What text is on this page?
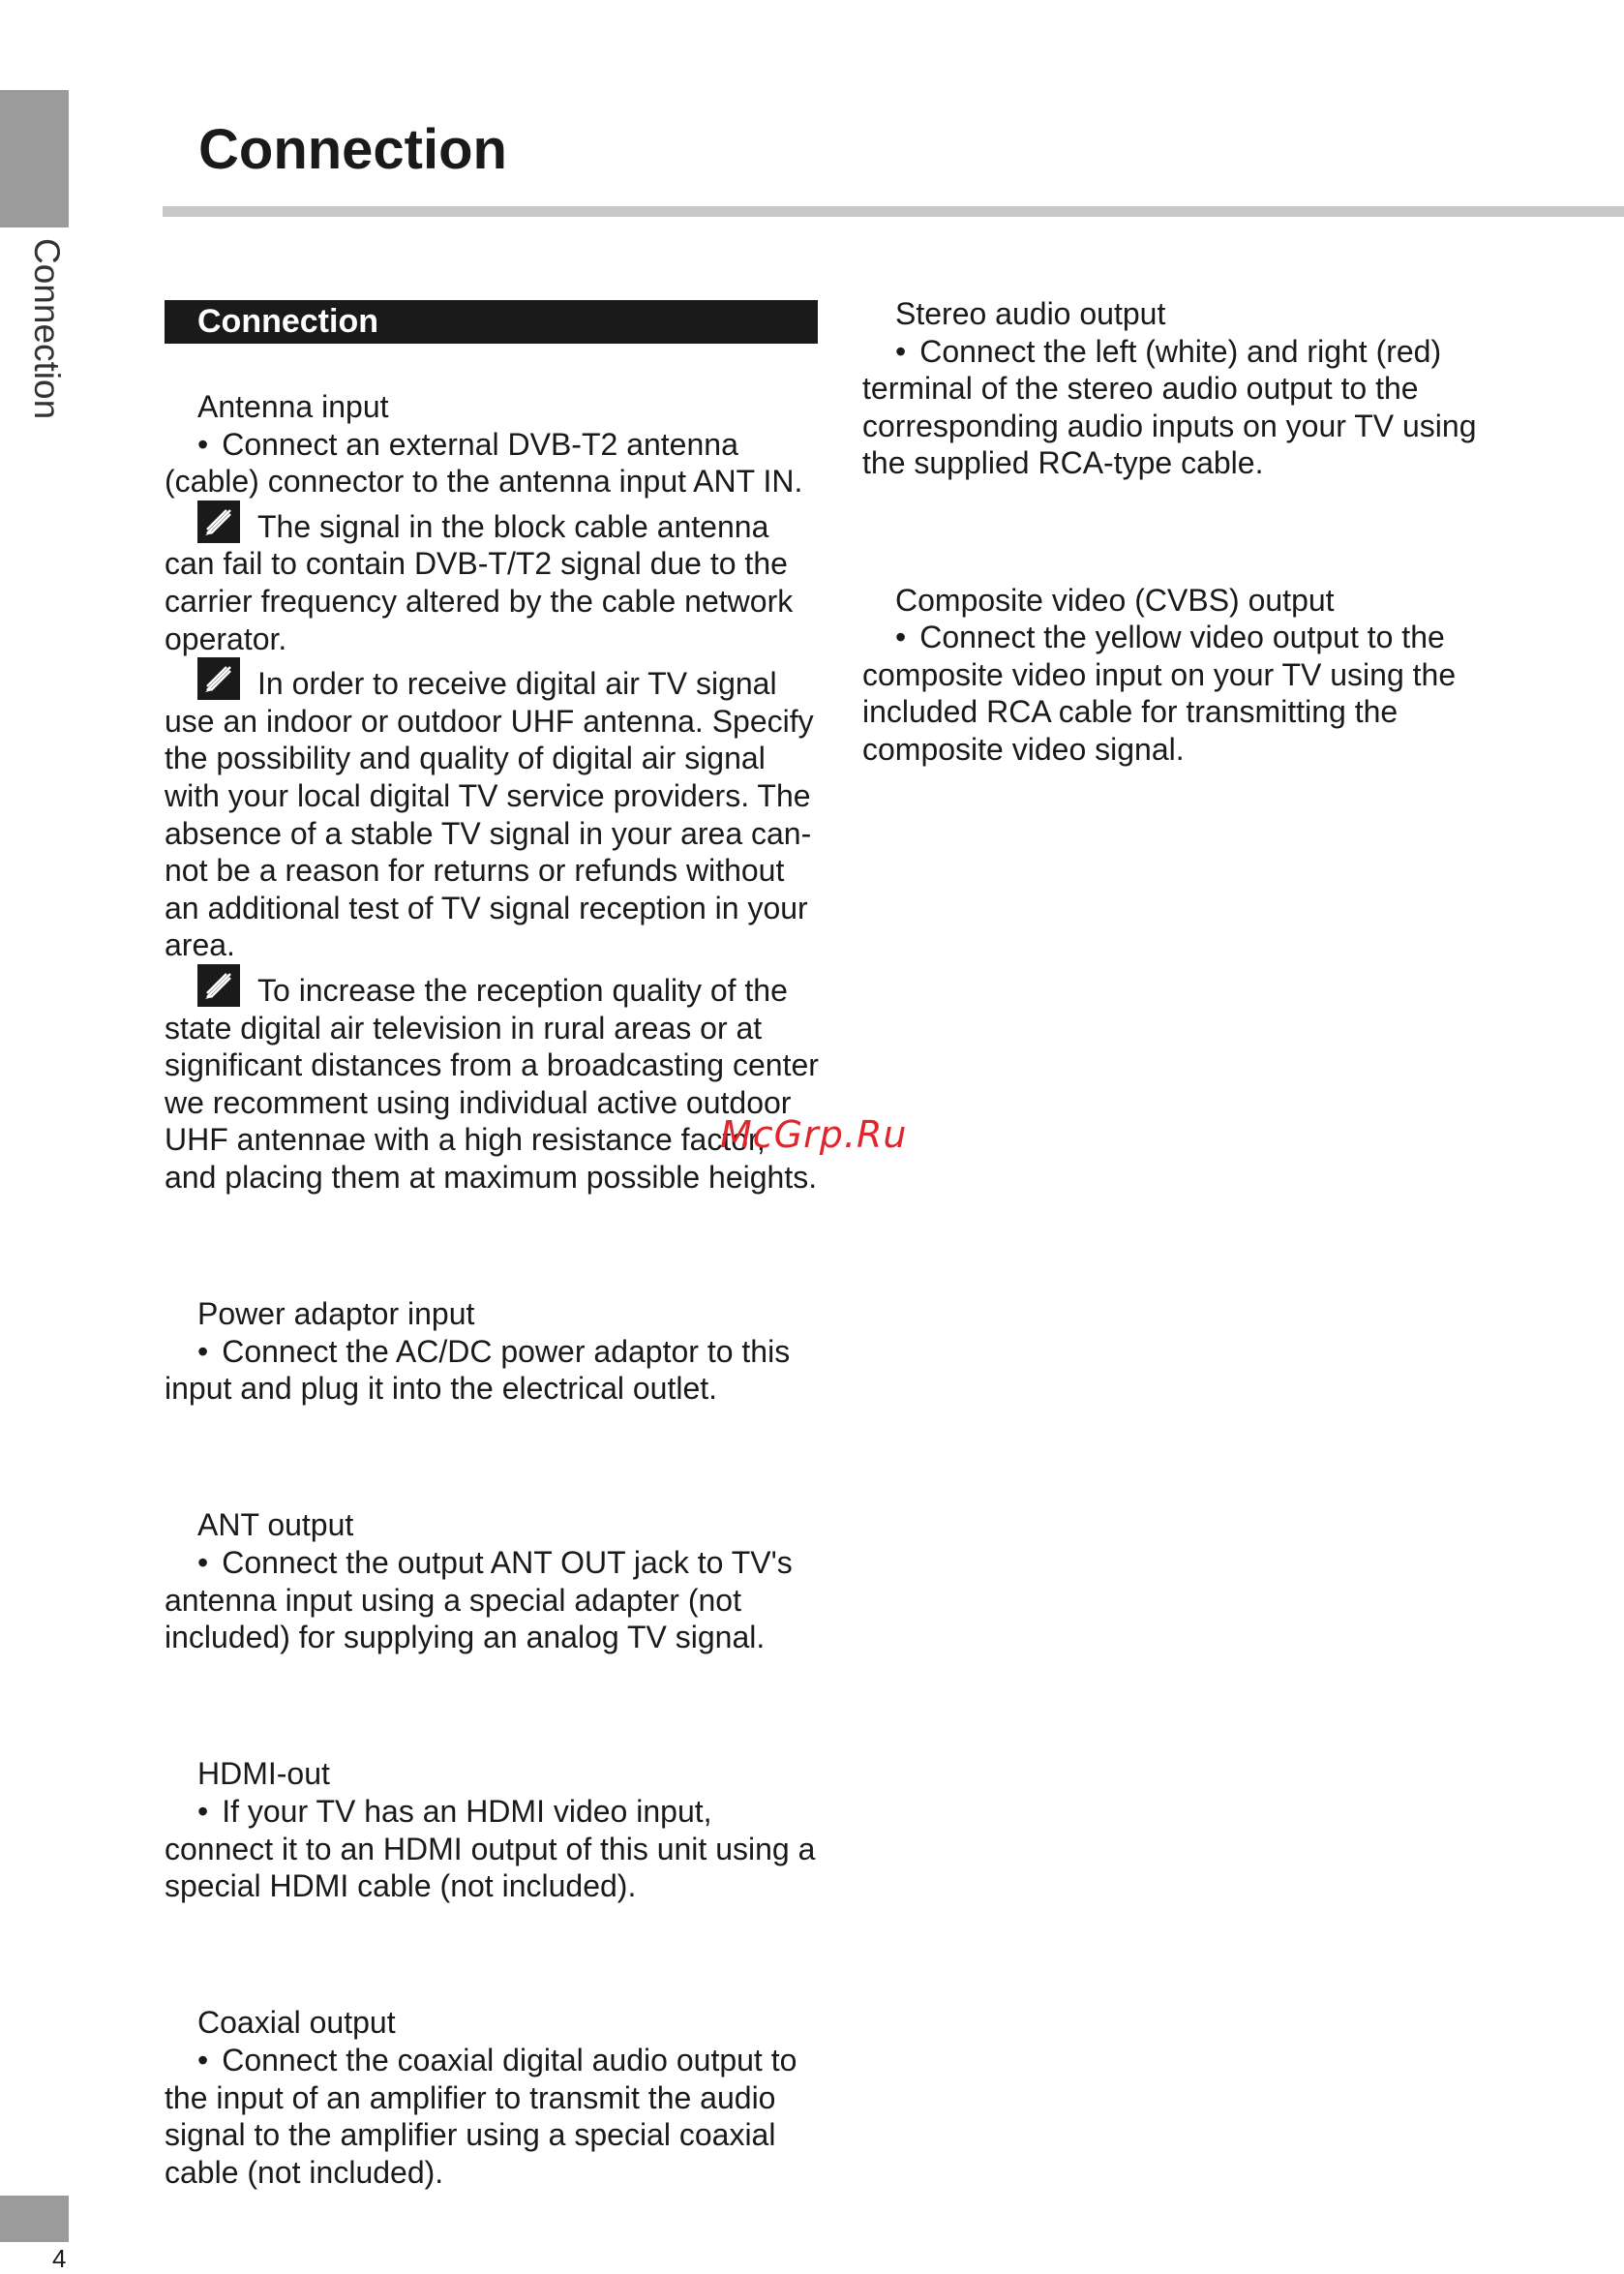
Connection
Connection
Connection

Antenna input

• Connect an external DVB-T2 antenna (cable) connector to the antenna input ANT IN.

The signal in the block cable antenna can fail to contain DVB-T/T2 signal due to the carrier frequency altered by the cable network operator.

In order to receive digital air TV signal use an indoor or outdoor UHF antenna. Specify the possibility and quality of digital air signal with your local digital TV service providers. The absence of a stable TV signal in your area can-not be a reason for returns or refunds without an additional test of TV signal reception in your area.

To increase the reception quality of the state digital air television in rural areas or at significant distances from a broadcasting center we recomment using individual active outdoor UHF antennae with a high resistance factor, and placing them at maximum possible heights.

Power adaptor input

• Connect the AC/DC power adaptor to this input and plug it into the electrical outlet.

ANT output

• Connect the output ANT OUT jack to TV's antenna input using a special adapter (not included) for supplying an analog TV signal.

HDMI-out

• If your TV has an HDMI video input, connect it to an HDMI output of this unit using a special HDMI cable (not included).

Coaxial output

• Connect the coaxial digital audio output to the input of an amplifier to transmit the audio signal to the amplifier using a special coaxial cable (not included).

Stereo audio output

• Connect the left (white) and right (red) terminal of the stereo audio output to the corresponding audio inputs on your TV using the supplied RCA-type cable.

Composite video (CVBS) output

• Connect the yellow video output to the composite video input on your TV using the included RCA cable for transmitting the composite video signal.

McGrp.Ru
4
